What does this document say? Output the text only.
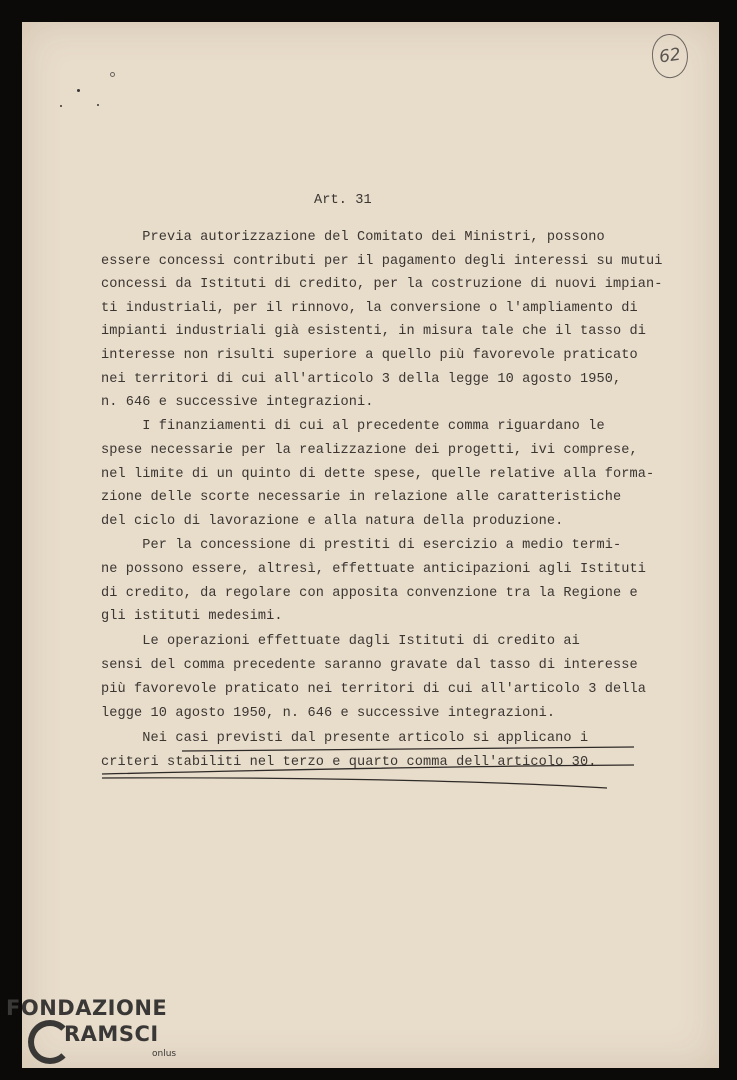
62
Art. 31
Previa autorizzazione del Comitato dei Ministri, possono
essere concessi contributi per il pagamento degli interessi su mutui
concessi da Istituti di credito, per la costruzione di nuovi impian-
ti industriali, per il rinnovo, la conversione o l'ampliamento di
impianti industriali già esistenti, in misura tale che il tasso di
interesse non risulti superiore a quello più favorevole praticato
nei territori di cui all'articolo 3 della legge 10 agosto 1950,
n. 646 e successive integrazioni.
I finanziamenti di cui al precedente comma riguardano le
spese necessarie per la realizzazione dei progetti, ivi comprese,
nel limite di un quinto di dette spese, quelle relative alla forma-
zione delle scorte necessarie in relazione alle caratteristiche
del ciclo di lavorazione e alla natura della produzione.
Per la concessione di prestiti di esercizio a medio termi-
ne possono essere, altresì, effettuate anticipazioni agli Istituti
di credito, da regolare con apposita convenzione tra la Regione e
gli istituti medesimi.
Le operazioni effettuate dagli Istituti di credito ai
sensi del comma precedente saranno gravate dal tasso di interesse
più favorevole praticato nei territori di cui all'articolo 3 della
legge 10 agosto 1950, n. 646 e successive integrazioni.
Nei casi previsti dal presente articolo si applicano i
criteri stabiliti nel terzo e quarto comma dell'articolo 30.
FONDAZIONE
RAMSCI
onlus
